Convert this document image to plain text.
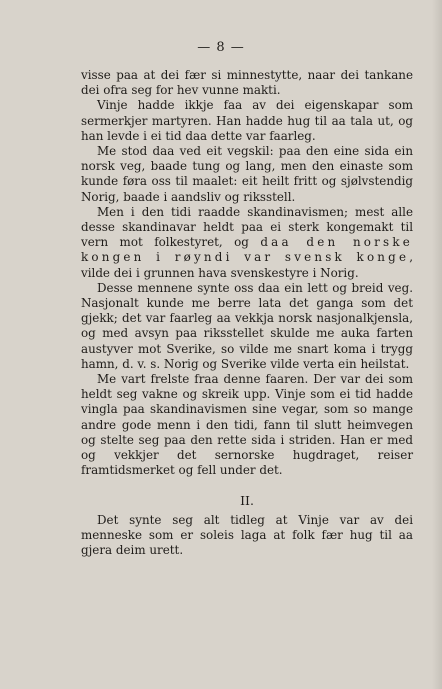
— 8 —

visse paa at dei fær si minnestytte, naar dei tankane dei ofra seg for hev vunne makti.

Vinje hadde ikkje faa av dei eigenskapar som sermerkjer martyren. Han hadde hug til aa tala ut, og han levde i ei tid daa dette var faarleg.

Me stod daa ved eit vegskil: paa den eine sida ein norsk veg, baade tung og lang, men den einaste som kunde føra oss til maalet: eit heilt fritt og sjølvstendig Norig, baade i aandsliv og riksstell.

Men i den tidi raadde skandinavismen; mest alle desse skandinavar heldt paa ei sterk kongemakt til vern mot folkestyret, og daa den norske kongen i røyndi var svensk konge, vilde dei i grunnen hava svenskestyre i Norig.

Desse mennene synte oss daa ein lett og breid veg. Nasjonalt kunde me berre lata det ganga som det gjekk; det var faarleg aa vekkja norsk nasjonalkjensla, og med avsyn paa riksstellet skulde me auka farten austyver mot Sverike, so vilde me snart koma i trygg hamn, d. v. s. Norig og Sverike vilde verta ein heilstat.

Me vart frelste fraa denne faaren. Der var dei som heldt seg vakne og skreik upp. Vinje som ei tid hadde vingla paa skandinavismen sine vegar, som so mange andre gode menn i den tidi, fann til slutt heimvegen og stelte seg paa den rette sida i striden. Han er med og vekkjer det sernorske hugdraget, reiser framtidsmerket og fell under det.

II.

Det synte seg alt tidleg at Vinje var av dei menneske som er soleis laga at folk fær hug til aa gjera deim urett.
